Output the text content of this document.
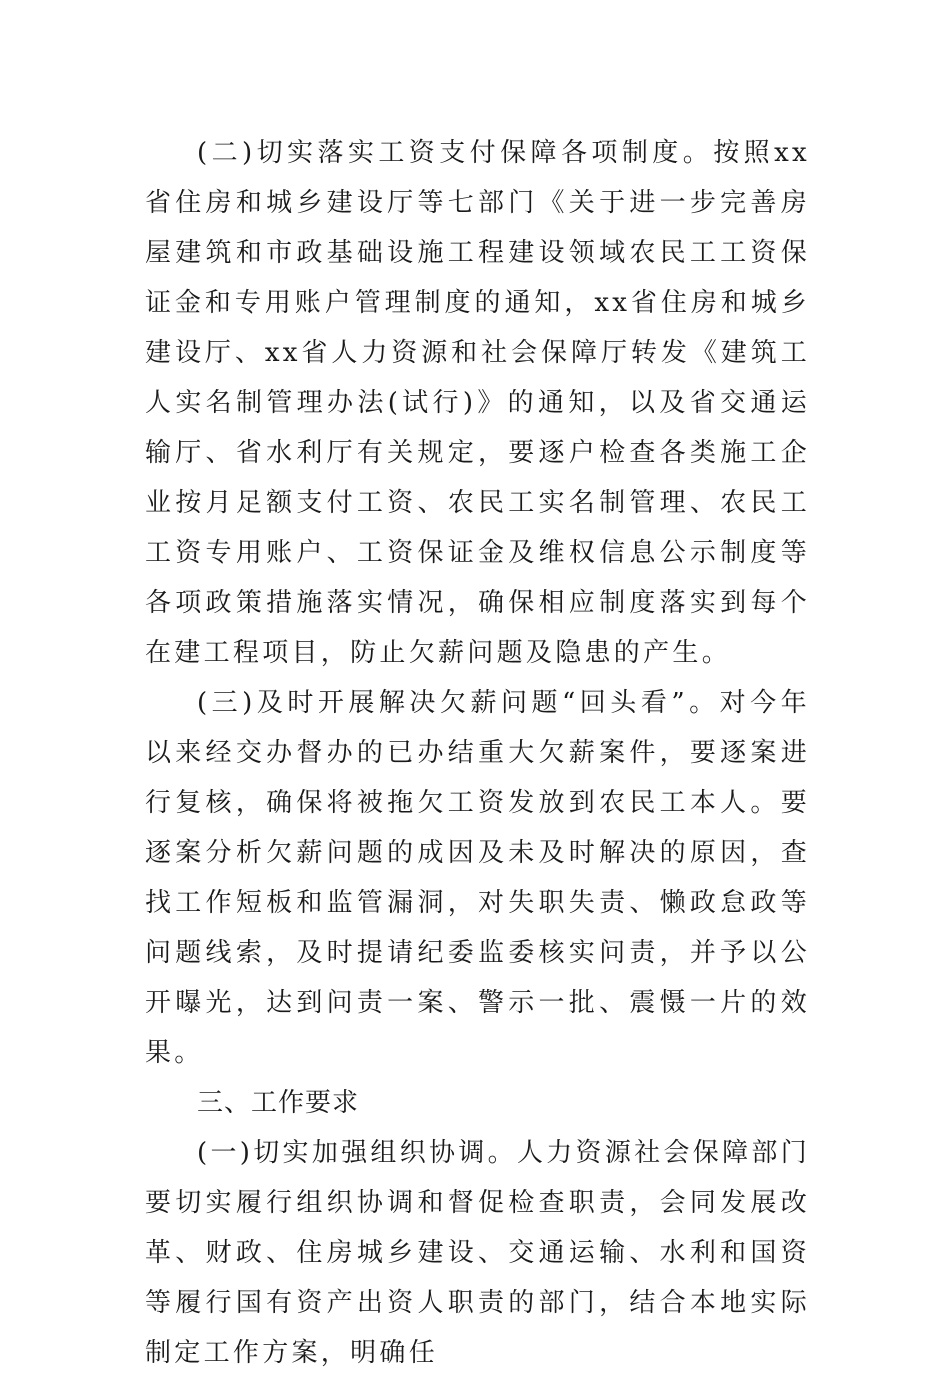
(二)切实落实工资支付保障各项制度。按照xx省住房和城乡建设厅等七部门《关于进一步完善房屋建筑和市政基础设施工程建设领域农民工工资保证金和专用账户管理制度的通知，xx省住房和城乡建设厅、xx省人力资源和社会保障厅转发《建筑工人实名制管理办法(试行)》的通知，以及省交通运输厅、省水利厅有关规定，要逐户检查各类施工企业按月足额支付工资、农民工实名制管理、农民工工资专用账户、工资保证金及维权信息公示制度等各项政策措施落实情况，确保相应制度落实到每个在建工程项目，防止欠薪问题及隐患的产生。

(三)及时开展解决欠薪问题“回头看”。对今年以来经交办督办的已办结重大欠薪案件，要逐案进行复核，确保将被拖欠工资发放到农民工本人。要逐案分析欠薪问题的成因及未及时解决的原因，查找工作短板和监管漏洞，对失职失责、懒政怠政等问题线索，及时提请纪委监委核实问责，并予以公开曝光，达到问责一案、警示一批、震慑一片的效果。

三、工作要求

(一)切实加强组织协调。人力资源社会保障部门要切实履行组织协调和督促检查职责，会同发展改革、财政、住房城乡建设、交通运输、水利和国资等履行国有资产出资人职责的部门，结合本地实际制定工作方案，明确任
